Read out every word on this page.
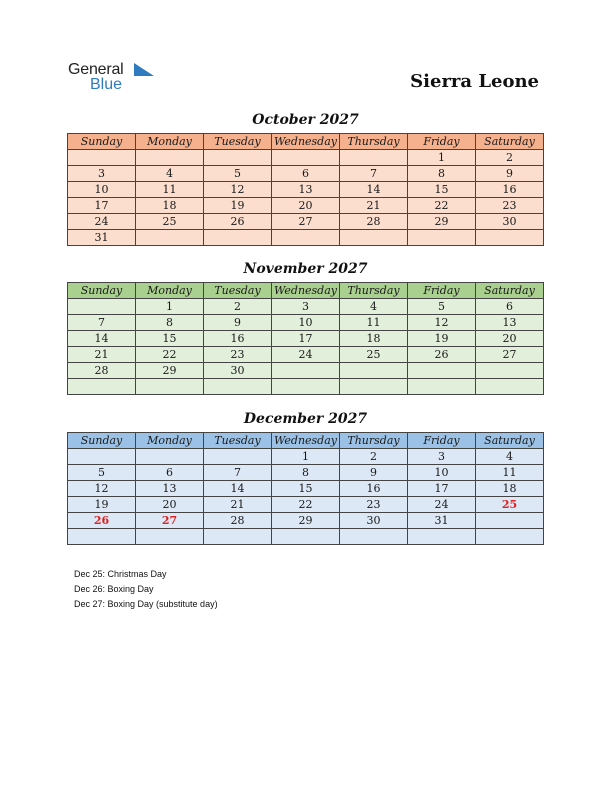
General
Blue	Sierra Leone
October 2027
Sunday	Monday	Tuesday	Wednesday	Thursday	Friday	Saturday
					1	2
3	4	5	6	7	8	9
10	11	12	13	14	15	16
17	18	19	20	21	22	23
24	25	26	27	28	29	30
31						
November 2027
Sunday	Monday	Tuesday	Wednesday	Thursday	Friday	Saturday
	1	2	3	4	5	6
7	8	9	10	11	12	13
14	15	16	17	18	19	20
21	22	23	24	25	26	27
28	29	30				

December 2027
Sunday	Monday	Tuesday	Wednesday	Thursday	Friday	Saturday
			1	2	3	4
5	6	7	8	9	10	11
12	13	14	15	16	17	18
19	20	21	22	23	24	25
26	27	28	29	30	31	

Dec 25: Christmas Day
Dec 26: Boxing Day
Dec 27: Boxing Day (substitute day)
